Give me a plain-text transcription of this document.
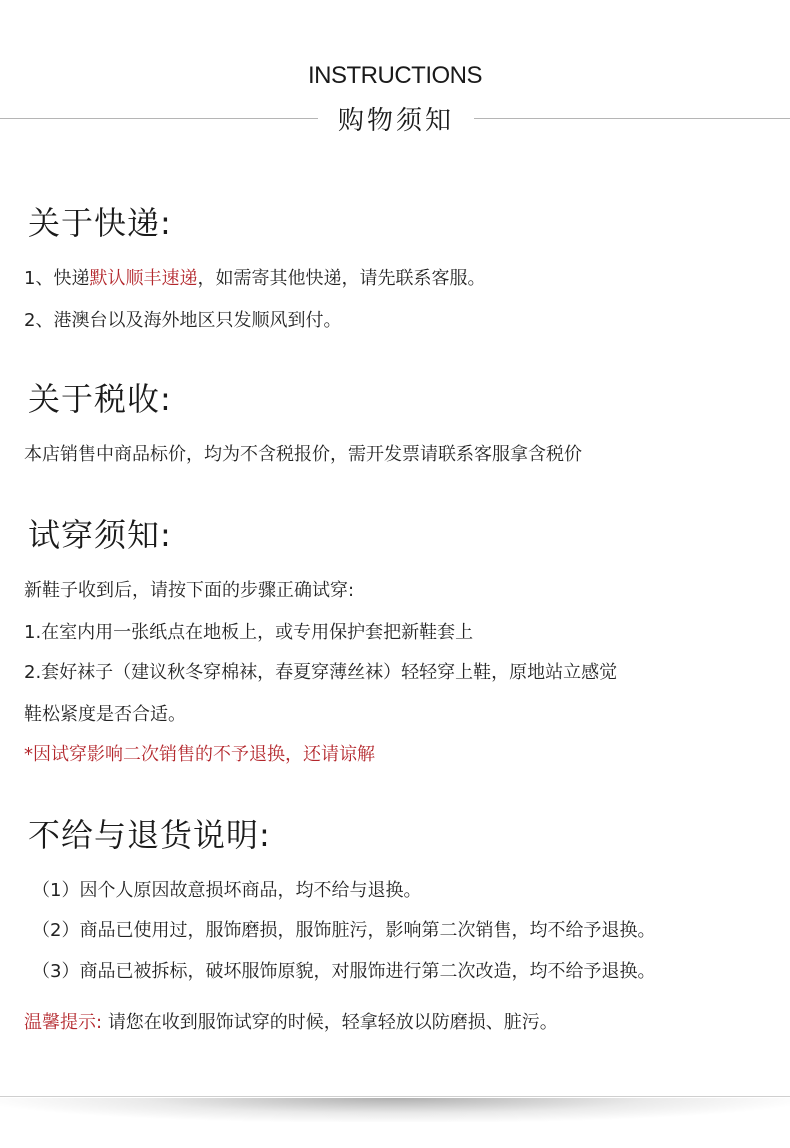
INSTRUCTIONS
购物须知
关于快递:
1、快递默认顺丰速递，如需寄其他快递，请先联系客服。
2、港澳台以及海外地区只发顺风到付。
关于税收:
本店销售中商品标价，均为不含税报价，需开发票请联系客服拿含税价
试穿须知:
新鞋子收到后，请按下面的步骤正确试穿:
1.在室内用一张纸点在地板上，或专用保护套把新鞋套上
2.套好袜子（建议秋冬穿棉袜，春夏穿薄丝袜）轻轻穿上鞋，原地站立感觉
鞋松紧度是否合适。
*因试穿影响二次销售的不予退换，还请谅解
不给与退货说明:
（1）因个人原因故意损坏商品，均不给与退换。
（2）商品已使用过，服饰磨损，服饰脏污，影响第二次销售，均不给予退换。
（3）商品已被拆标，破坏服饰原貌，对服饰进行第二次改造，均不给予退换。
温馨提示: 请您在收到服饰试穿的时候，轻拿轻放以防磨损、脏污。
